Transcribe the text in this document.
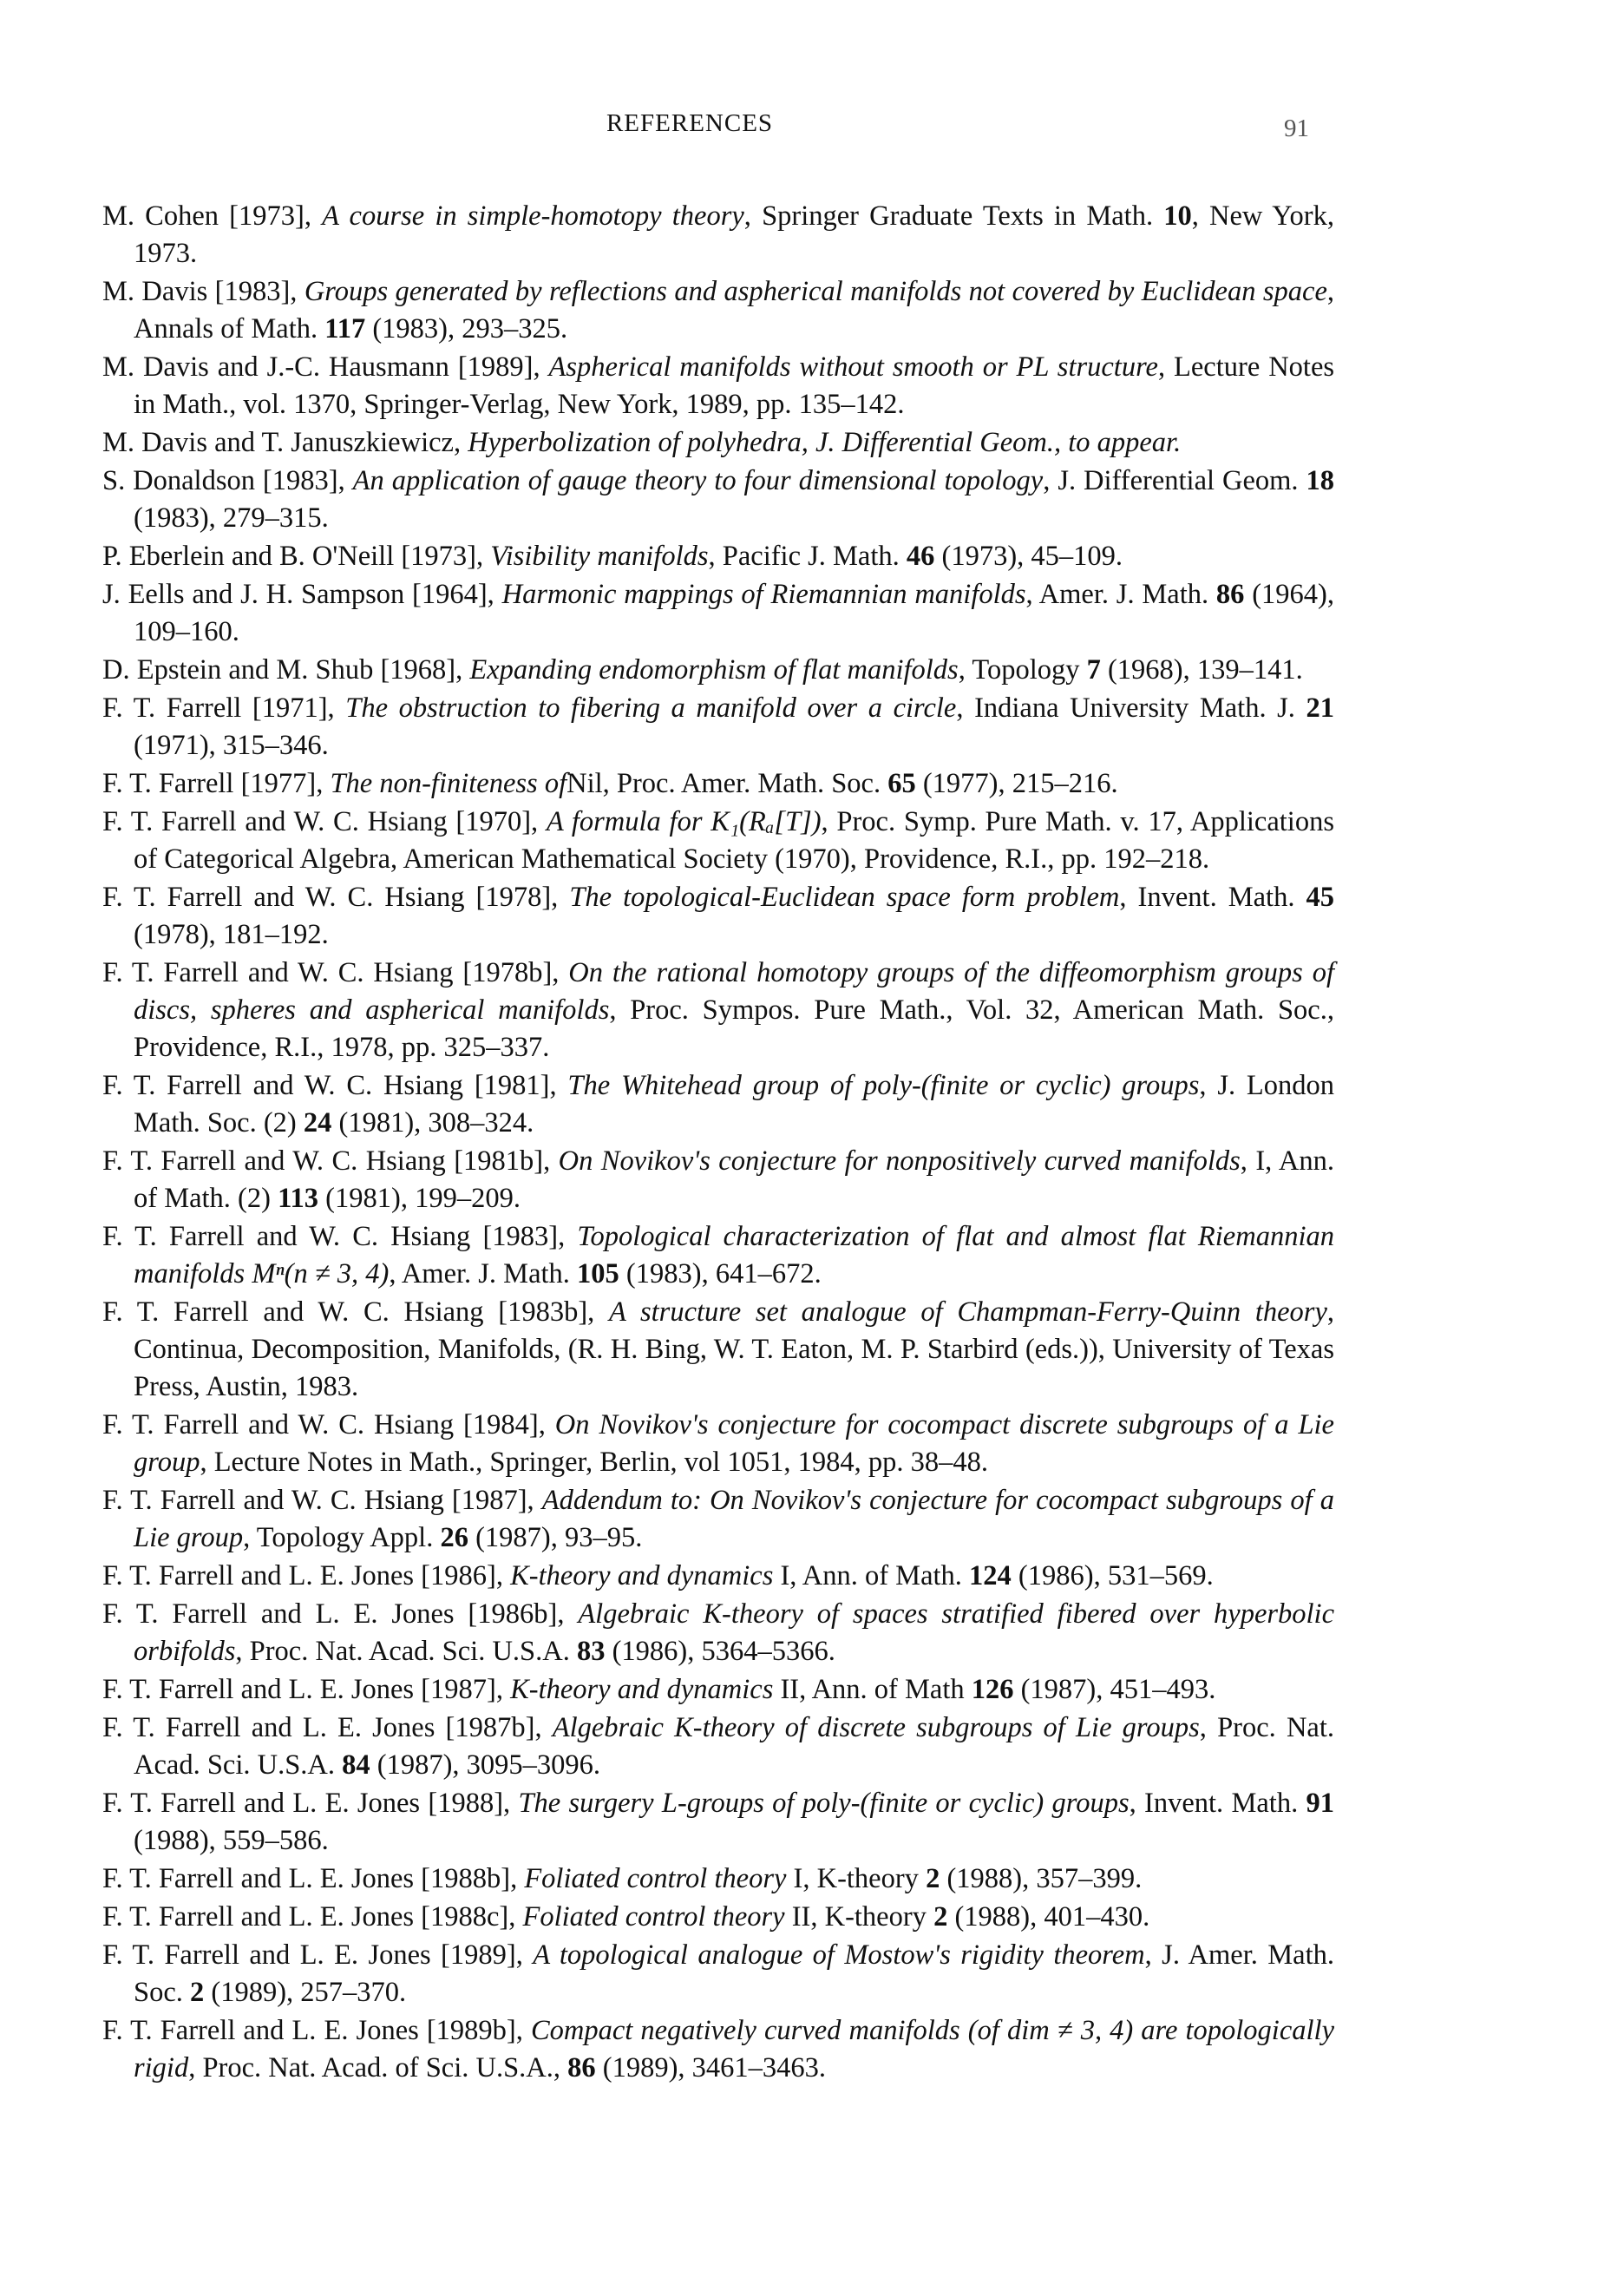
REFERENCES	91
M. Cohen [1973], A course in simple-homotopy theory, Springer Graduate Texts in Math. 10, New York, 1973.
M. Davis [1983], Groups generated by reflections and aspherical manifolds not covered by Euclidean space, Annals of Math. 117 (1983), 293–325.
M. Davis and J.-C. Hausmann [1989], Aspherical manifolds without smooth or PL structure, Lecture Notes in Math., vol. 1370, Springer-Verlag, New York, 1989, pp. 135–142.
M. Davis and T. Januszkiewicz, Hyperbolization of polyhedra, J. Differential Geom., to appear.
S. Donaldson [1983], An application of gauge theory to four dimensional topology, J. Differential Geom. 18 (1983), 279–315.
P. Eberlein and B. O'Neill [1973], Visibility manifolds, Pacific J. Math. 46 (1973), 45–109.
J. Eells and J. H. Sampson [1964], Harmonic mappings of Riemannian manifolds, Amer. J. Math. 86 (1964), 109–160.
D. Epstein and M. Shub [1968], Expanding endomorphism of flat manifolds, Topology 7 (1968), 139–141.
F. T. Farrell [1971], The obstruction to fibering a manifold over a circle, Indiana University Math. J. 21 (1971), 315–346.
F. T. Farrell [1977], The non-finiteness ofNil, Proc. Amer. Math. Soc. 65 (1977), 215–216.
F. T. Farrell and W. C. Hsiang [1970], A formula for K₁(Rₐ[T]), Proc. Symp. Pure Math. v. 17, Applications of Categorical Algebra, American Mathematical Society (1970), Providence, R.I., pp. 192–218.
F. T. Farrell and W. C. Hsiang [1978], The topological-Euclidean space form problem, Invent. Math. 45 (1978), 181–192.
F. T. Farrell and W. C. Hsiang [1978b], On the rational homotopy groups of the diffeomorphism groups of discs, spheres and aspherical manifolds, Proc. Sympos. Pure Math., Vol. 32, American Math. Soc., Providence, R.I., 1978, pp. 325–337.
F. T. Farrell and W. C. Hsiang [1981], The Whitehead group of poly-(finite or cyclic) groups, J. London Math. Soc. (2) 24 (1981), 308–324.
F. T. Farrell and W. C. Hsiang [1981b], On Novikov's conjecture for nonpositively curved manifolds, I, Ann. of Math. (2) 113 (1981), 199–209.
F. T. Farrell and W. C. Hsiang [1983], Topological characterization of flat and almost flat Riemannian manifolds Mⁿ(n ≠ 3, 4), Amer. J. Math. 105 (1983), 641–672.
F. T. Farrell and W. C. Hsiang [1983b], A structure set analogue of Champman-Ferry-Quinn theory, Continua, Decomposition, Manifolds, (R. H. Bing, W. T. Eaton, M. P. Starbird (eds.)), University of Texas Press, Austin, 1983.
F. T. Farrell and W. C. Hsiang [1984], On Novikov's conjecture for cocompact discrete subgroups of a Lie group, Lecture Notes in Math., Springer, Berlin, vol 1051, 1984, pp. 38–48.
F. T. Farrell and W. C. Hsiang [1987], Addendum to: On Novikov's conjecture for cocompact subgroups of a Lie group, Topology Appl. 26 (1987), 93–95.
F. T. Farrell and L. E. Jones [1986], K-theory and dynamics I, Ann. of Math. 124 (1986), 531–569.
F. T. Farrell and L. E. Jones [1986b], Algebraic K-theory of spaces stratified fibered over hyperbolic orbifolds, Proc. Nat. Acad. Sci. U.S.A. 83 (1986), 5364–5366.
F. T. Farrell and L. E. Jones [1987], K-theory and dynamics II, Ann. of Math 126 (1987), 451–493.
F. T. Farrell and L. E. Jones [1987b], Algebraic K-theory of discrete subgroups of Lie groups, Proc. Nat. Acad. Sci. U.S.A. 84 (1987), 3095–3096.
F. T. Farrell and L. E. Jones [1988], The surgery L-groups of poly-(finite or cyclic) groups, Invent. Math. 91 (1988), 559–586.
F. T. Farrell and L. E. Jones [1988b], Foliated control theory I, K-theory 2 (1988), 357–399.
F. T. Farrell and L. E. Jones [1988c], Foliated control theory II, K-theory 2 (1988), 401–430.
F. T. Farrell and L. E. Jones [1989], A topological analogue of Mostow's rigidity theorem, J. Amer. Math. Soc. 2 (1989), 257–370.
F. T. Farrell and L. E. Jones [1989b], Compact negatively curved manifolds (of dim ≠ 3, 4) are topologically rigid, Proc. Nat. Acad. of Sci. U.S.A., 86 (1989), 3461–3463.
